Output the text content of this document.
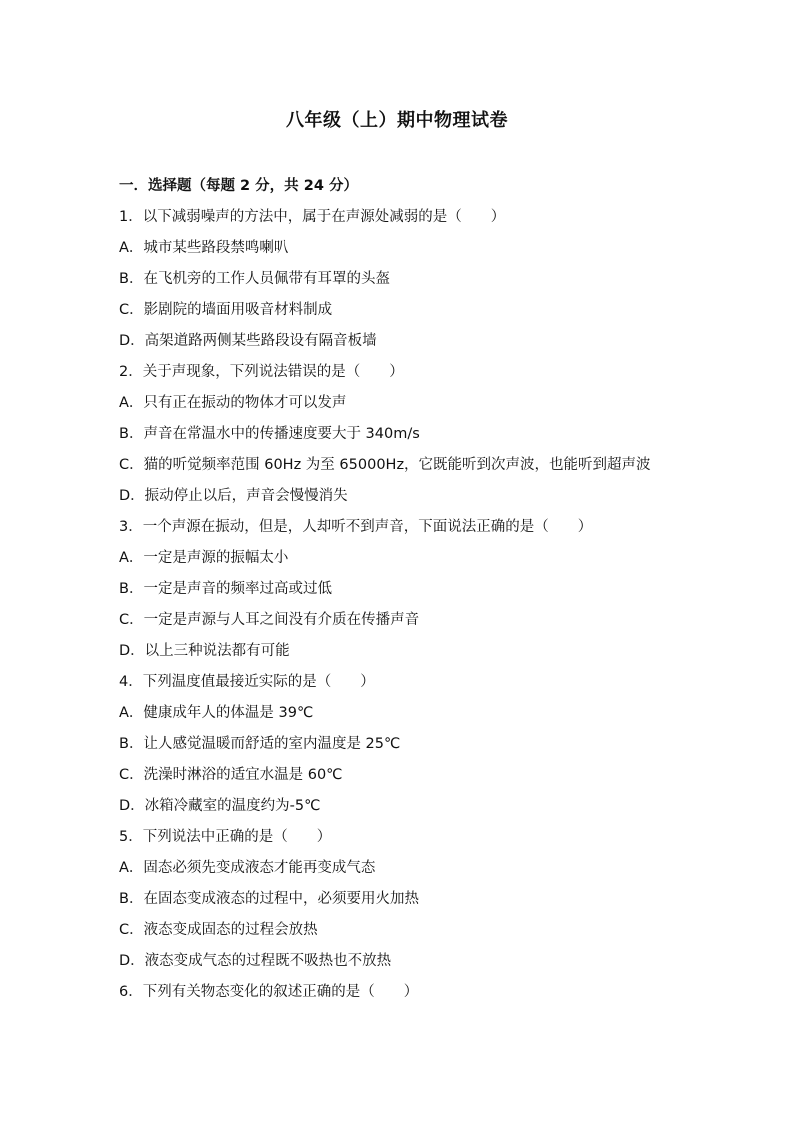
八年级（上）期中物理试卷
一．选择题（每题 2 分，共 24 分）
1．以下减弱噪声的方法中，属于在声源处减弱的是（　　）
A．城市某些路段禁鸣喇叭
B．在飞机旁的工作人员佩带有耳罩的头盔
C．影剧院的墙面用吸音材料制成
D．高架道路两侧某些路段设有隔音板墙
2．关于声现象，下列说法错误的是（　　）
A．只有正在振动的物体才可以发声
B．声音在常温水中的传播速度要大于 340m/s
C．猫的听觉频率范围 60Hz 为至 65000Hz，它既能听到次声波，也能听到超声波
D．振动停止以后，声音会慢慢消失
3．一个声源在振动，但是，人却听不到声音，下面说法正确的是（　　）
A．一定是声源的振幅太小
B．一定是声音的频率过高或过低
C．一定是声源与人耳之间没有介质在传播声音
D．以上三种说法都有可能
4．下列温度值最接近实际的是（　　）
A．健康成年人的体温是 39℃
B．让人感觉温暖而舒适的室内温度是 25℃
C．洗澡时淋浴的适宜水温是 60℃
D．冰箱冷藏室的温度约为-5℃
5．下列说法中正确的是（　　）
A．固态必须先变成液态才能再变成气态
B．在固态变成液态的过程中，必须要用火加热
C．液态变成固态的过程会放热
D．液态变成气态的过程既不吸热也不放热
6．下列有关物态变化的叙述正确的是（　　）
